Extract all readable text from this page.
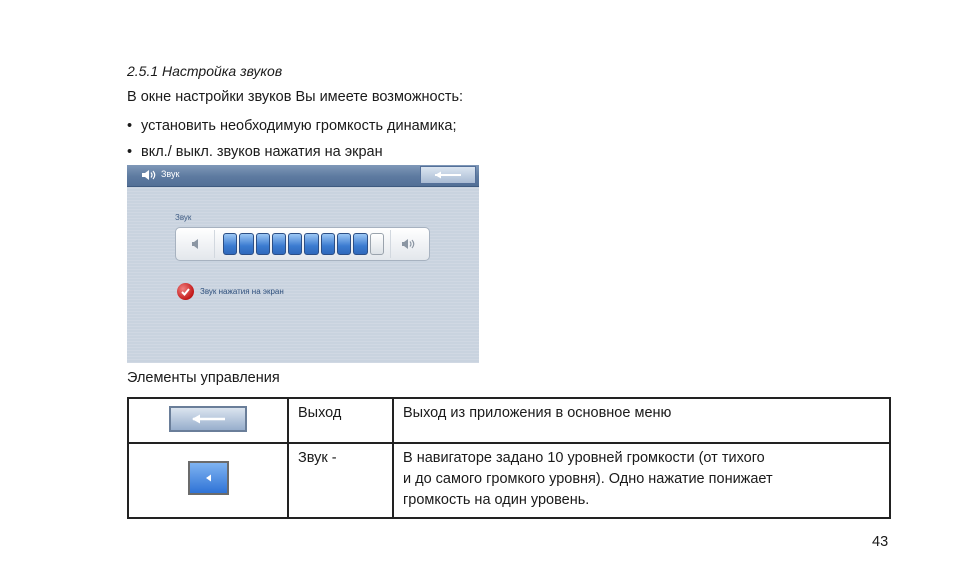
2.5.1 Настройка звуков
В окне настройки звуков Вы имеете возможность:
• установить необходимую громкость динамика;
• вкл./ выкл. звуков нажатия на экран
Звук
Звук
Звук нажатия на экран
Элементы управления
	Выход	Выход из приложения в основное меню

	Звук -	В навигаторе задано 10 уровней громкости (от тихого
и до самого громкого уровня). Одно нажатие понижает
громкость на один уровень.
43
